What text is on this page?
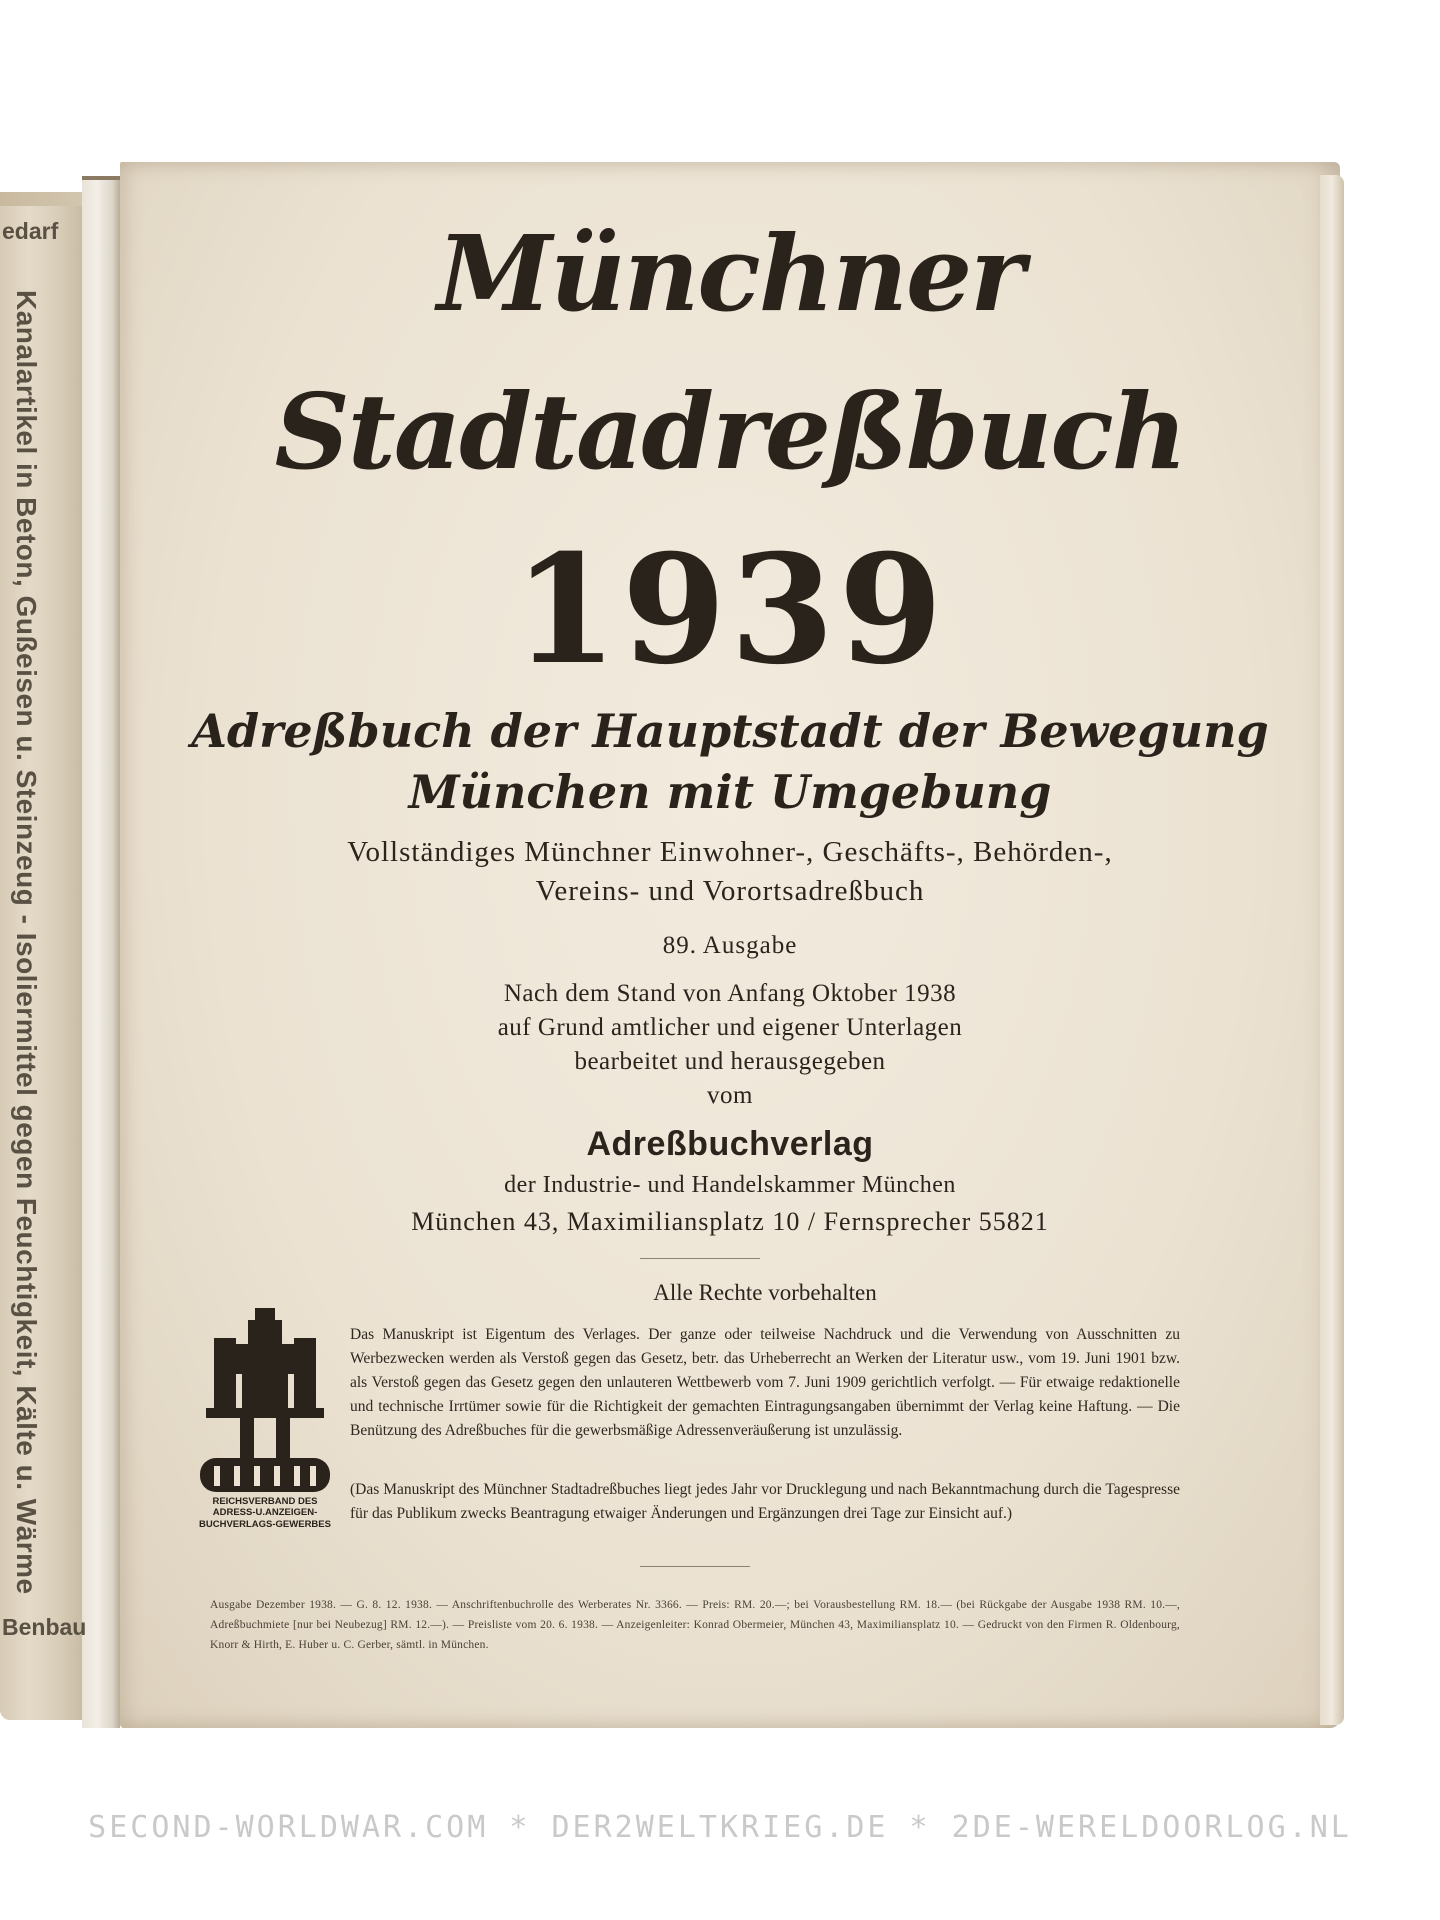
edarf
Kanalartikel in Beton, Gußeisen u. Steinzeug - Isoliermittel gegen Feuchtigkeit, Kälte u. Wärme
Benbau
Münchner
Stadtadreßbuch
1939
Adreßbuch der Hauptstadt der Bewegung
München mit Umgebung
Vollständiges Münchner Einwohner-, Geschäfts-, Behörden-,
Vereins- und Vorortsadreßbuch
89. Ausgabe
Nach dem Stand von Anfang Oktober 1938
auf Grund amtlicher und eigener Unterlagen
bearbeitet und herausgegeben
vom
Adreßbuchverlag
der Industrie- und Handelskammer München
München 43, Maximiliansplatz 10 / Fernsprecher 55821
Alle Rechte vorbehalten
REICHSVERBAND DES ADRESS-U.ANZEIGEN-BUCHVERLAGS-GEWERBES
Das Manuskript ist Eigentum des Verlages. Der ganze oder teilweise Nachdruck und die Verwendung von Ausschnitten zu Werbezwecken werden als Verstoß gegen das Gesetz, betr. das Urheberrecht an Werken der Literatur usw., vom 19. Juni 1901 bzw. als Verstoß gegen das Gesetz gegen den unlauteren Wettbewerb vom 7. Juni 1909 gerichtlich verfolgt. — Für etwaige redaktionelle und technische Irrtümer sowie für die Richtigkeit der gemachten Eintragungsangaben übernimmt der Verlag keine Haftung. — Die Benützung des Adreßbuches für die gewerbsmäßige Adressenveräußerung ist unzulässig.
(Das Manuskript des Münchner Stadtadreßbuches liegt jedes Jahr vor Drucklegung und nach Bekanntmachung durch die Tagespresse für das Publikum zwecks Beantragung etwaiger Änderungen und Ergänzungen drei Tage zur Einsicht auf.)
Ausgabe Dezember 1938. — G. 8. 12. 1938. — Anschriftenbuchrolle des Werberates Nr. 3366. — Preis: RM. 20.—; bei Vorausbestellung RM. 18.— (bei Rückgabe der Ausgabe 1938 RM. 10.—, Adreßbuchmiete [nur bei Neubezug] RM. 12.—). — Preisliste vom 20. 6. 1938. — Anzeigenleiter: Konrad Obermeier, München 43, Maximiliansplatz 10. — Gedruckt von den Firmen R. Oldenbourg, Knorr & Hirth, E. Huber u. C. Gerber, sämtl. in München.
SECOND-WORLDWAR.COM * DER2WELTKRIEG.DE * 2DE-WERELDOORLOG.NL
